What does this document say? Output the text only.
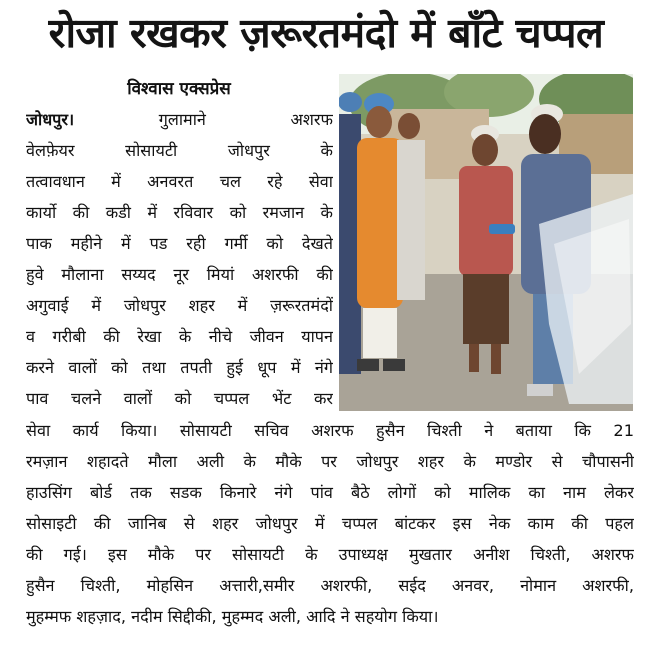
रोजा रखकर ज़रूरतमंदो में बाँटे चप्पल
विश्वास एक्सप्रेस
जोधपुर।	गुलामाने अशरफ
वेलफ़ेयर सोसायटी जोधपुर के
तत्वावधान में अनवरत चल रहे सेवा
कार्यो की कडी में रविवार को रमजान के
पाक महीने में पड रही गर्मी को देखते
हुवे मौलाना सय्यद नूर मियां अशरफी की
अगुवाई में जोधपुर शहर में ज़रूरतमंदों
व गरीबी की रेखा के नीचे जीवन यापन
करने वालों को तथा तपती हुई धूप में नंगे
पाव चलने वालों को चप्पल भेंट कर
सेवा कार्य किया। सोसायटी सचिव अशरफ हुसैन चिश्ती ने बताया कि 21
रमज़ान शहादते मौला अली के मौके पर जोधपुर शहर के मण्डोर से चौपासनी
हाउसिंग बोर्ड तक सडक किनारे नंगे पांव बैठे लोगों को मालिक का नाम लेकर
सोसाइटी की जानिब से शहर जोधपुर में चप्पल बांटकर इस नेक काम की पहल
की गई। इस मौके पर सोसायटी के उपाध्यक्ष मुखतार अनीश चिश्ती, अशरफ
हुसैन चिश्ती, मोहसिन अत्तारी,समीर अशरफी, सईद अनवर, नोमान अशरफी,
मुहम्मफ शहज़ाद, नदीम सिद्दीकी, मुहम्मद अली, आदि ने सहयोग किया।
